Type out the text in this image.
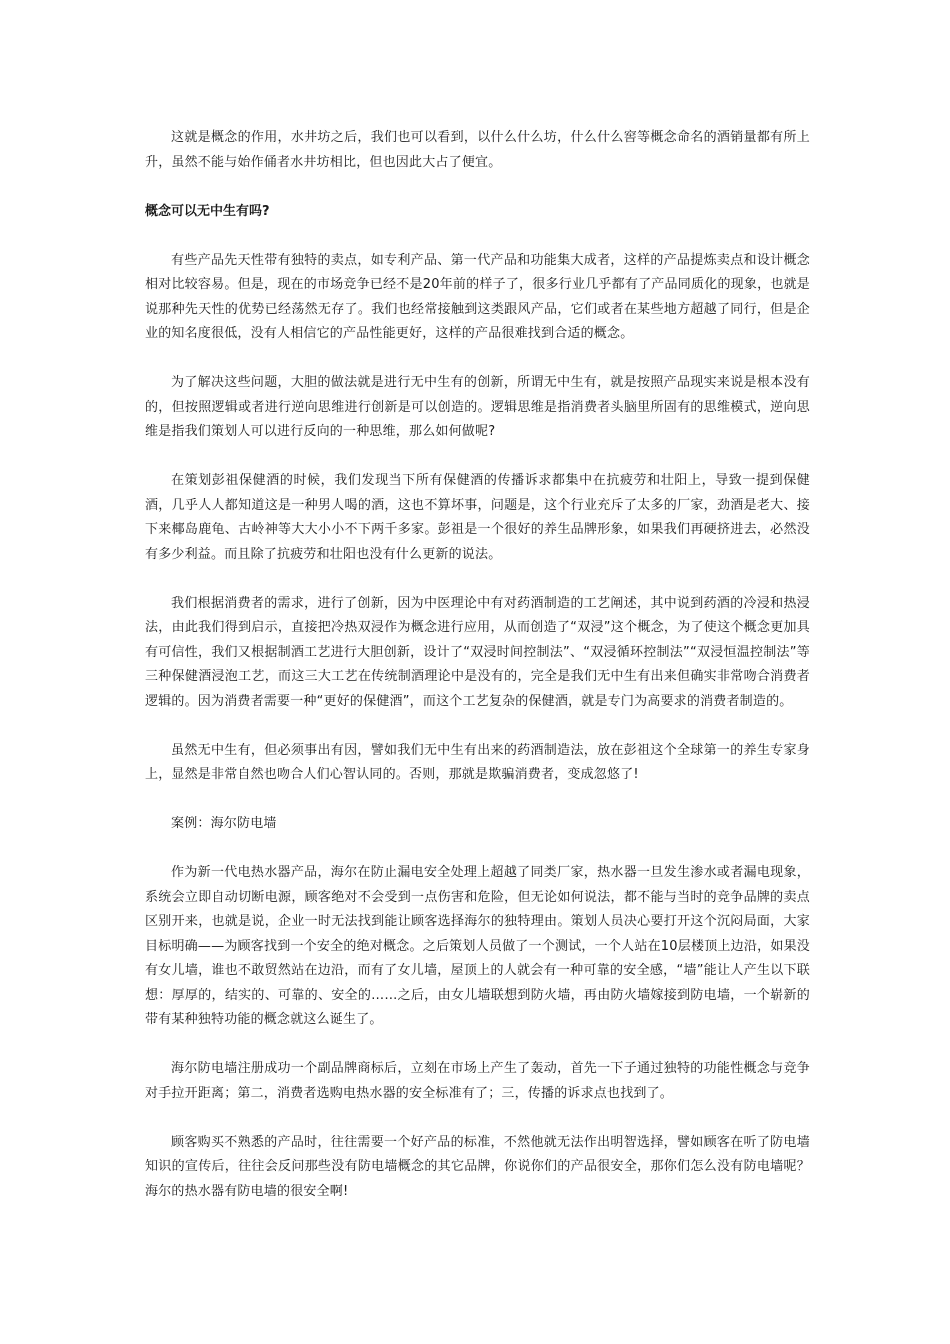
这就是概念的作用，水井坊之后，我们也可以看到，以什么什么坊，什么什么窖等概念命名的酒销量都有所上升，虽然不能与始作俑者水井坊相比，但也因此大占了便宜。

概念可以无中生有吗?

有些产品先天性带有独特的卖点，如专利产品、第一代产品和功能集大成者，这样的产品提炼卖点和设计概念相对比较容易。但是，现在的市场竞争已经不是20年前的样子了，很多行业几乎都有了产品同质化的现象，也就是说那种先天性的优势已经荡然无存了。我们也经常接触到这类跟风产品，它们或者在某些地方超越了同行，但是企业的知名度很低，没有人相信它的产品性能更好，这样的产品很难找到合适的概念。

为了解决这些问题，大胆的做法就是进行无中生有的创新，所谓无中生有，就是按照产品现实来说是根本没有的，但按照逻辑或者进行逆向思维进行创新是可以创造的。逻辑思维是指消费者头脑里所固有的思维模式，逆向思维是指我们策划人可以进行反向的一种思维，那么如何做呢?

在策划彭祖保健酒的时候，我们发现当下所有保健酒的传播诉求都集中在抗疲劳和壮阳上，导致一提到保健酒，几乎人人都知道这是一种男人喝的酒，这也不算坏事，问题是，这个行业充斥了太多的厂家，劲酒是老大、接下来椰岛鹿龟、古岭神等大大小小不下两千多家。彭祖是一个很好的养生品牌形象，如果我们再硬挤进去，必然没有多少利益。而且除了抗疲劳和壮阳也没有什么更新的说法。

我们根据消费者的需求，进行了创新，因为中医理论中有对药酒制造的工艺阐述，其中说到药酒的冷浸和热浸法，由此我们得到启示，直接把冷热双浸作为概念进行应用，从而创造了“双浸”这个概念，为了使这个概念更加具有可信性，我们又根据制酒工艺进行大胆创新，设计了“双浸时间控制法”、“双浸循环控制法”“双浸恒温控制法”等三种保健酒浸泡工艺，而这三大工艺在传统制酒理论中是没有的，完全是我们无中生有出来但确实非常吻合消费者逻辑的。因为消费者需要一种“更好的保健酒”，而这个工艺复杂的保健酒，就是专门为高要求的消费者制造的。

虽然无中生有，但必须事出有因，譬如我们无中生有出来的药酒制造法，放在彭祖这个全球第一的养生专家身上，显然是非常自然也吻合人们心智认同的。否则，那就是欺骗消费者，变成忽悠了!

案例：海尔防电墙

作为新一代电热水器产品，海尔在防止漏电安全处理上超越了同类厂家，热水器一旦发生渗水或者漏电现象，系统会立即自动切断电源，顾客绝对不会受到一点伤害和危险，但无论如何说法，都不能与当时的竞争品牌的卖点区别开来，也就是说，企业一时无法找到能让顾客选择海尔的独特理由。策划人员决心要打开这个沉闷局面，大家目标明确——为顾客找到一个安全的绝对概念。之后策划人员做了一个测试，一个人站在10层楼顶上边沿，如果没有女儿墙，谁也不敢贸然站在边沿，而有了女儿墙，屋顶上的人就会有一种可靠的安全感，“墙”能让人产生以下联想：厚厚的，结实的、可靠的、安全的……之后，由女儿墙联想到防火墙，再由防火墙嫁接到防电墙，一个崭新的带有某种独特功能的概念就这么诞生了。

海尔防电墙注册成功一个副品牌商标后，立刻在市场上产生了轰动，首先一下子通过独特的功能性概念与竞争对手拉开距离；第二，消费者选购电热水器的安全标准有了；三，传播的诉求点也找到了。

顾客购买不熟悉的产品时，往往需要一个好产品的标准，不然他就无法作出明智选择，譬如顾客在听了防电墙知识的宣传后，往往会反问那些没有防电墙概念的其它品牌，你说你们的产品很安全，那你们怎么没有防电墙呢？海尔的热水器有防电墙的很安全啊!
